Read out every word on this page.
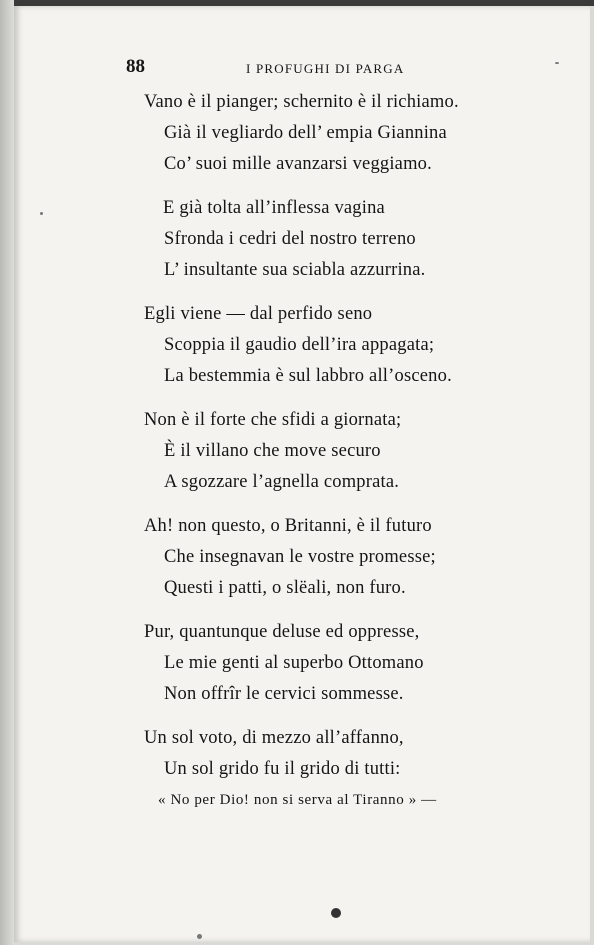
88	I PROFUGHI DI PARGA
Vano è il pianger; schernito è il richiamo.
Già il vegliardo dell’ empia Giannina
Co’ suoi mille avanzarsi veggiamo.
E già tolta all’inflessa vagina
Sfronda i cedri del nostro terreno
L’ insultante sua sciabla azzurrina.
Egli viene — dal perfido seno
Scoppia il gaudio dell’ira appagata;
La bestemmia è sul labbro all’osceno.
Non è il forte che sfidi a giornata;
È il villano che move securo
A sgozzare l’agnella comprata.
Ah! non questo, o Britanni, è il futuro
Che insegnavan le vostre promesse;
Questi i patti, o slëali, non furo.
Pur, quantunque deluse ed oppresse,
Le mie genti al superbo Ottomano
Non offrîr le cervici sommesse.
Un sol voto, di mezzo all’affanno,
Un sol grido fu il grido di tutti:
« No per Dio! non si serva al Tiranno » —
